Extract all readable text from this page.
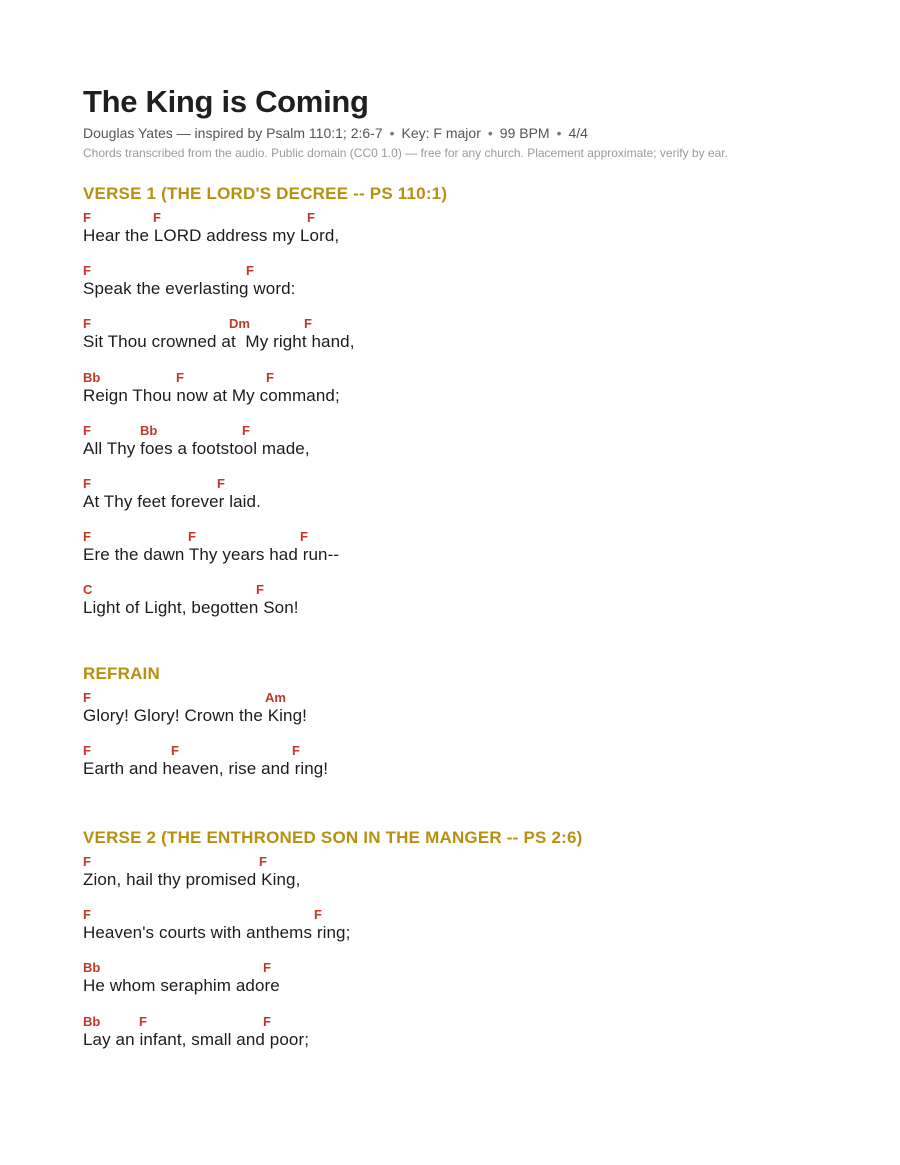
The King is Coming
Douglas Yates — inspired by Psalm 110:1; 2:6-7 • Key: F major • 99 BPM • 4/4
Chords transcribed from the audio. Public domain (CC0 1.0) — free for any church. Placement approximate; verify by ear.
VERSE 1 (THE LORD'S DECREE -- PS 110:1)
F	F	F
Hear the LORD address my Lord,
F	F
Speak the everlasting word:
F	Dm	F
Sit Thou crowned at  My right hand,
Bb	F	F
Reign Thou now at My command;
F	Bb	F
All Thy foes a footstool made,
F	F
At Thy feet forever laid.
F	F	F
Ere the dawn Thy years had run--
C	F
Light of Light, begotten Son!
REFRAIN
F	Am
Glory! Glory! Crown the King!
F	F	F
Earth and heaven, rise and ring!
VERSE 2 (THE ENTHRONED SON IN THE MANGER -- PS 2:6)
F	F
Zion, hail thy promised King,
F	F
Heaven's courts with anthems ring;
Bb	F
He whom seraphim adore
Bb	F	F
Lay an infant, small and poor;
